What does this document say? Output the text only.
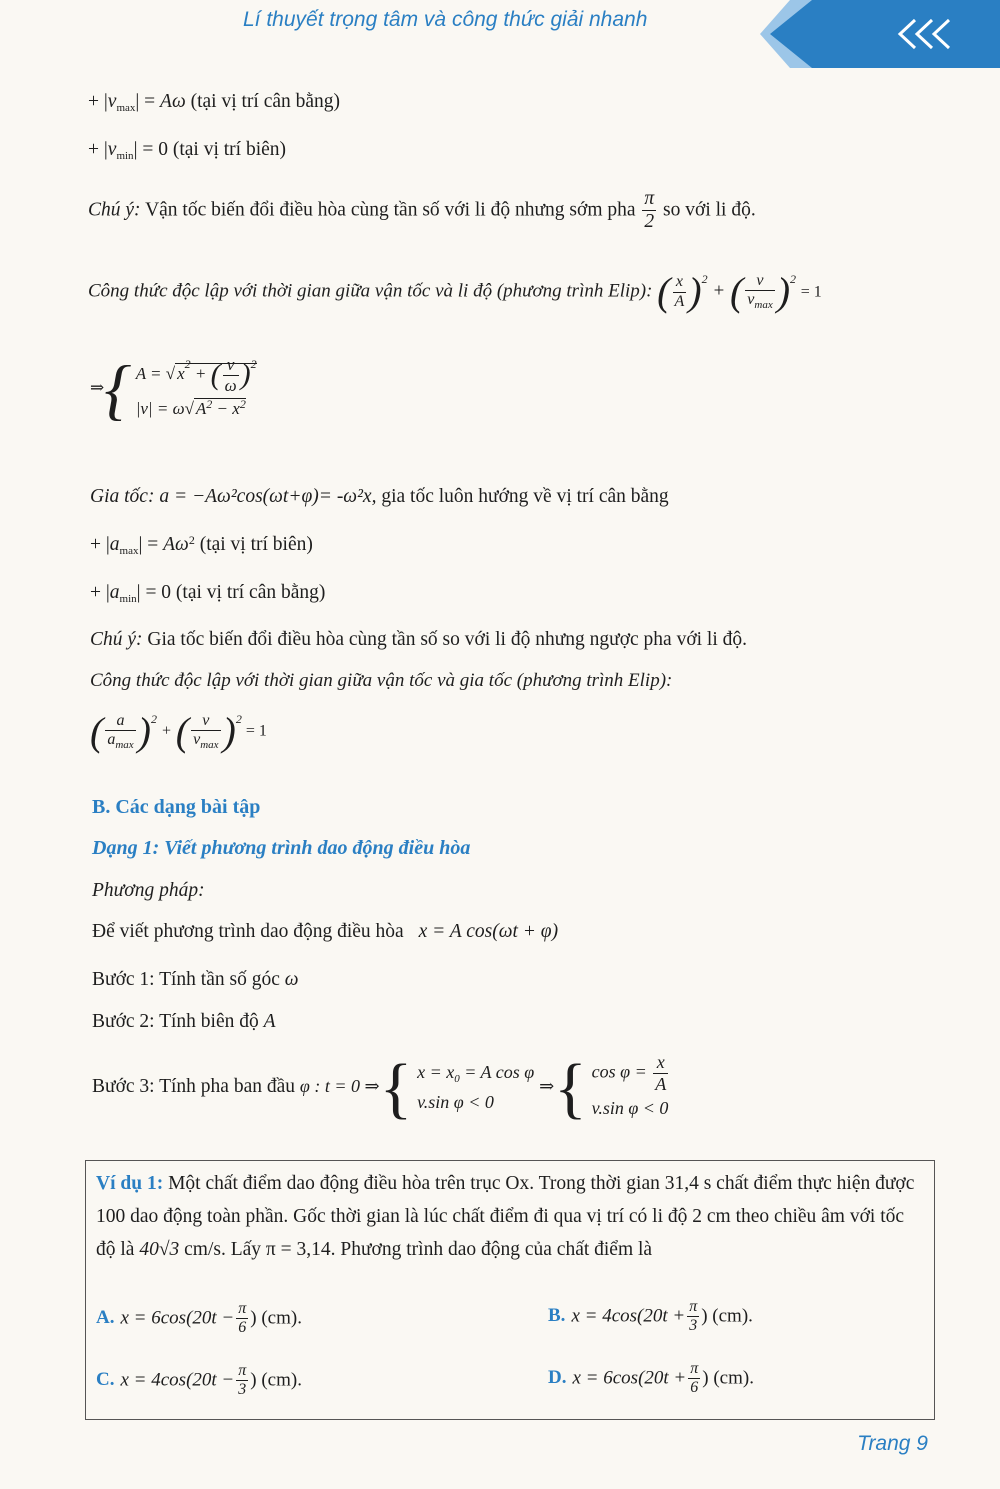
Lí thuyết trọng tâm và công thức giải nhanh
+ $|v_{max}| = A\omega$ (tại vị trí cân bằng)
+ $|v_{min}| = 0$ (tại vị trí biên)
Chú ý: Vận tốc biến đổi điều hòa cùng tần số với li độ nhưng sớm pha $\frac{\pi}{2}$ so với li độ.
Công thức độc lập với thời gian giữa vận tốc và li độ (phương trình Elip): ( $\frac{x}{A} )^2$ + ( $\frac{v}{v_{max}} )^2 = 1$
⇒{ A = √ $x^2$ + ( $\frac{v}{\omega} )^2$
|v| = ω√ $A^2 - x^2$
Gia tốc: a = −Aω²cos(ωt+φ)= -ω²x, gia tốc luôn hướng về vị trí cân bằng
+ $|a_{max}| = A\omega^2$ (tại vị trí biên)
+ $|a_{min}| = 0$ (tại vị trí cân bằng)
Chú ý: Gia tốc biến đổi điều hòa cùng tần số so với li độ nhưng ngược pha với li độ.
Công thức độc lập với thời gian giữa vận tốc và gia tốc (phương trình Elip):
( $\frac{a}{a_{max}} )^2$ + ( $\frac{v}{v_{max}} )^2 = 1$
B. Các dạng bài tập
Dạng 1: Viết phương trình dao động điều hòa
Phương pháp:
Để viết phương trình dao động điều hòa x = A cos(ωt + φ)
Bước 1: Tính tần số góc ω
Bước 2: Tính biên độ A
Bước 3: Tính pha ban đầu φ : t = 0 ⇒{ $x = x_0 = A$ cos φ
v.sin φ < 0
⇒{ $\cos \varphi = \frac{x}{A}$
v.sin φ < 0
Ví dụ 1: Một chất điểm dao động điều hòa trên trục Ox. Trong thời gian 31,4 s chất điểm thực hiện được 100 dao động toàn phần. Gốc thời gian là lúc chất điểm đi qua vị trí có li độ 2 cm theo chiều âm với tốc độ là 40√3 cm/s. Lấy π = 3,14. Phương trình dao động của chất điểm là
A. $x = 6\cos(20t - \frac{\pi}{6}$ ) (cm).	B. $x = 4\cos(20t + \frac{\pi}{3}$ ) (cm).
C. $x = 4\cos(20t - \frac{\pi}{3}$ ) (cm).	D. $x = 6\cos(20t + \frac{\pi}{6}$ ) (cm).
Trang 9
